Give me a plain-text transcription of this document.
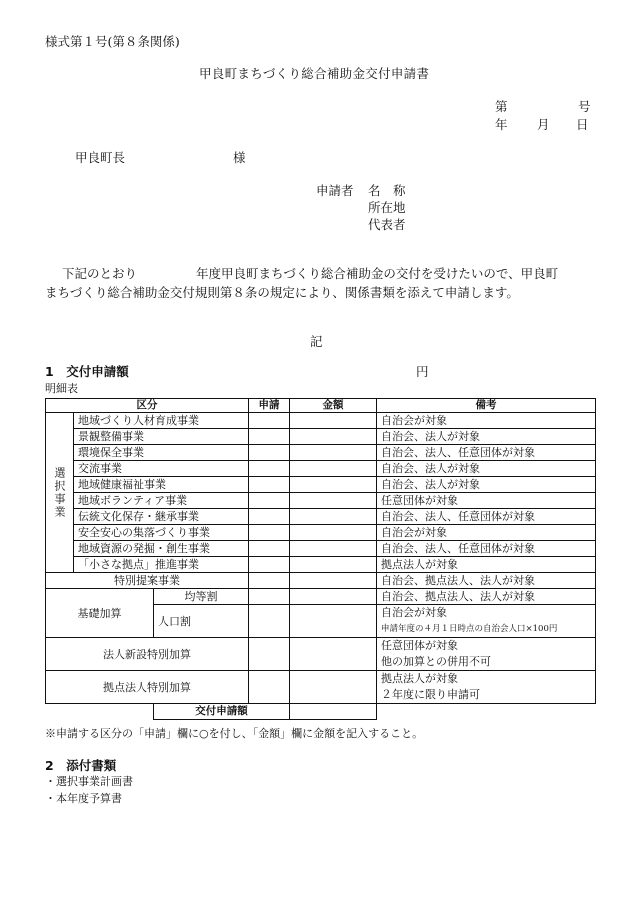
様式第１号(第８条関係)
甲良町まちづくり総合補助金交付申請書
第	号
年 月 日
甲良町長	様
申請者 名　称
所在地
代表者
下記のとおり	年度甲良町まちづくり総合補助金の交付を受けたいので、甲良町
まちづくり総合補助金交付規則第８条の規定により、関係書類を添えて申請します。
記
1　交付申請額	円
明細表
区分			申請	金額	備考
選択事業	地域づくり人材育成事業				自治会が対象
	景観整備事業				自治会、法人が対象
	環境保全事業				自治会、法人、任意団体が対象
	交流事業				自治会、法人が対象
	地域健康福祉事業				自治会、法人が対象
	地域ボランティア事業				任意団体が対象
	伝統文化保存・継承事業				自治会、法人、任意団体が対象
	安全安心の集落づくり事業				自治会が対象
	地域資源の発掘・創生事業				自治会、法人、任意団体が対象
	「小さな拠点」推進事業				拠点法人が対象
特別提案事業					自治会、拠点法人、法人が対象
基礎加算		均等割			自治会、拠点法人、法人が対象
		人口割			自治会が対象
申請年度の４月１日時点の自治会人口×100円

法人新設特別加算					任意団体が対象
他の加算との併用不可

拠点法人特別加算					拠点法人が対象
２年度に限り申請可

		交付申請額			
※申請する区分の「申請」欄に○を付し、「金額」欄に金額を記入すること。
2　添付書類
・選択事業計画書
・本年度予算書
